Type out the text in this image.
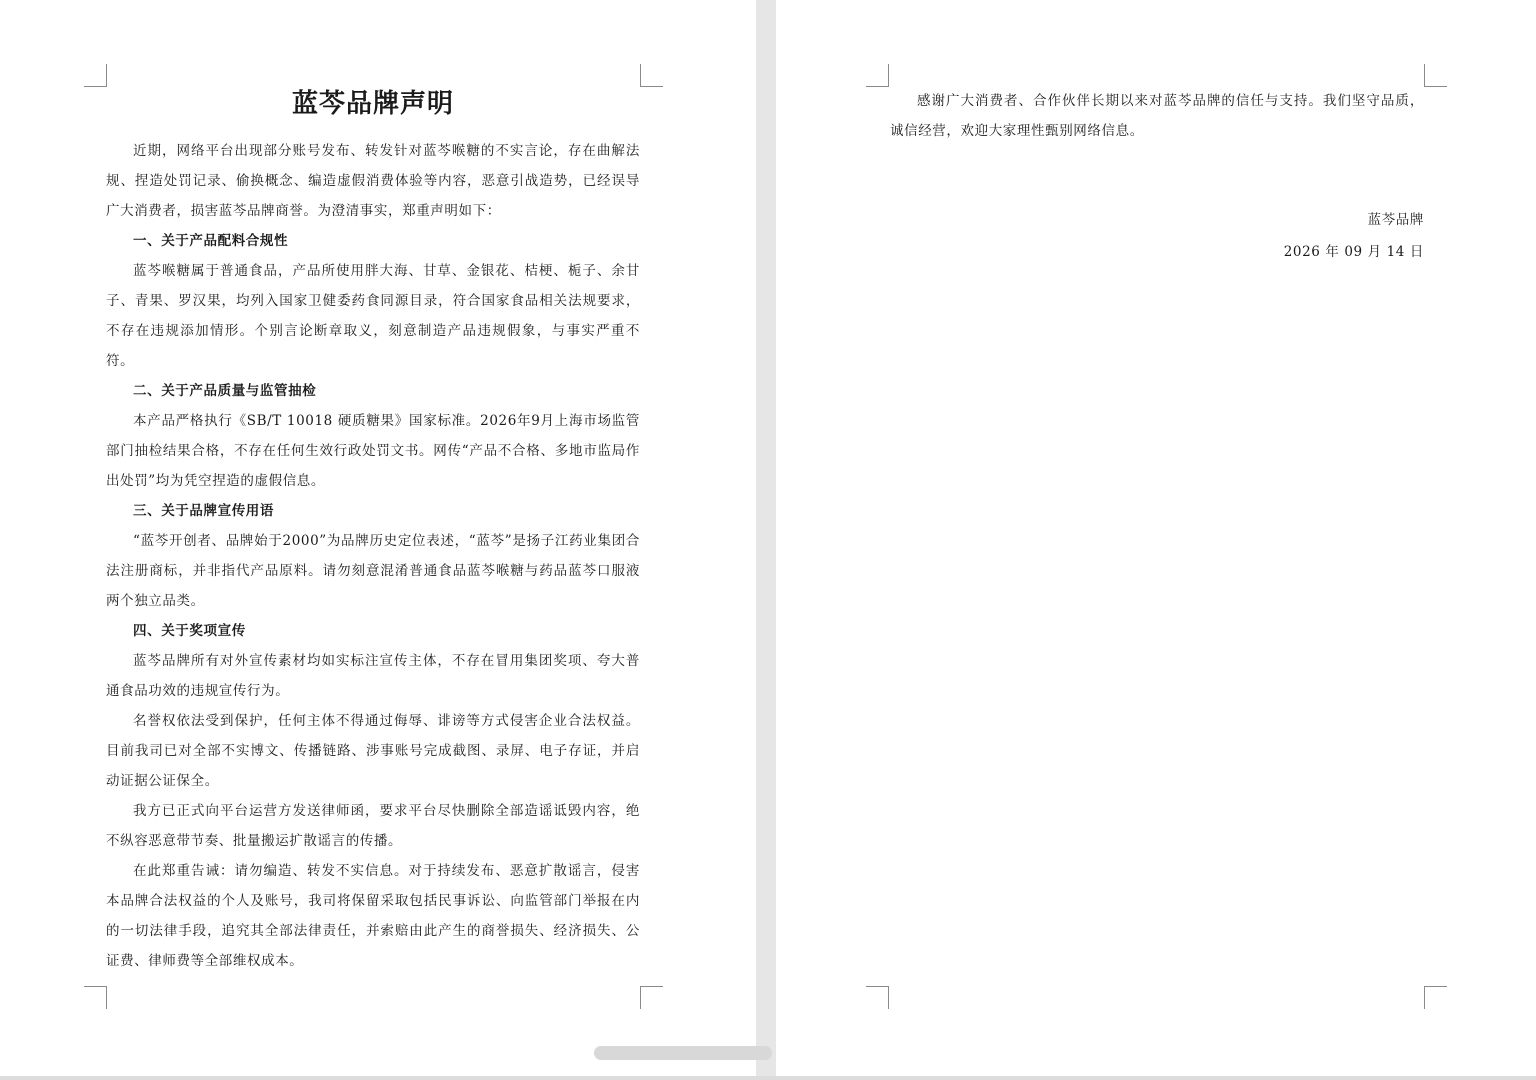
蓝芩品牌声明

近期，网络平台出现部分账号发布、转发针对蓝芩喉糖的不实言论，存在曲解法规、捏造处罚记录、偷换概念、编造虚假消费体验等内容，恶意引战造势，已经误导广大消费者，损害蓝芩品牌商誉。为澄清事实，郑重声明如下：

一、关于产品配料合规性

蓝芩喉糖属于普通食品，产品所使用胖大海、甘草、金银花、桔梗、栀子、余甘子、青果、罗汉果，均列入国家卫健委药食同源目录，符合国家食品相关法规要求，不存在违规添加情形。个别言论断章取义，刻意制造产品违规假象，与事实严重不符。

二、关于产品质量与监管抽检

本产品严格执行《SB/T 10018 硬质糖果》国家标准。2026年9月上海市场监管部门抽检结果合格，不存在任何生效行政处罚文书。网传“产品不合格、多地市监局作出处罚”均为凭空捏造的虚假信息。

三、关于品牌宣传用语

“蓝芩开创者、品牌始于2000”为品牌历史定位表述，“蓝芩”是扬子江药业集团合法注册商标，并非指代产品原料。请勿刻意混淆普通食品蓝芩喉糖与药品蓝芩口服液两个独立品类。

四、关于奖项宣传

蓝芩品牌所有对外宣传素材均如实标注宣传主体，不存在冒用集团奖项、夸大普通食品功效的违规宣传行为。

名誉权依法受到保护，任何主体不得通过侮辱、诽谤等方式侵害企业合法权益。目前我司已对全部不实博文、传播链路、涉事账号完成截图、录屏、电子存证，并启动证据公证保全。

我方已正式向平台运营方发送律师函，要求平台尽快删除全部造谣诋毁内容，绝不纵容恶意带节奏、批量搬运扩散谣言的传播。

在此郑重告诫：请勿编造、转发不实信息。对于持续发布、恶意扩散谣言，侵害本品牌合法权益的个人及账号，我司将保留采取包括民事诉讼、向监管部门举报在内的一切法律手段，追究其全部法律责任，并索赔由此产生的商誉损失、经济损失、公证费、律师费等全部维权成本。

感谢广大消费者、合作伙伴长期以来对蓝芩品牌的信任与支持。我们坚守品质，诚信经营，欢迎大家理性甄别网络信息。

蓝芩品牌

2026 年 09 月 14 日
